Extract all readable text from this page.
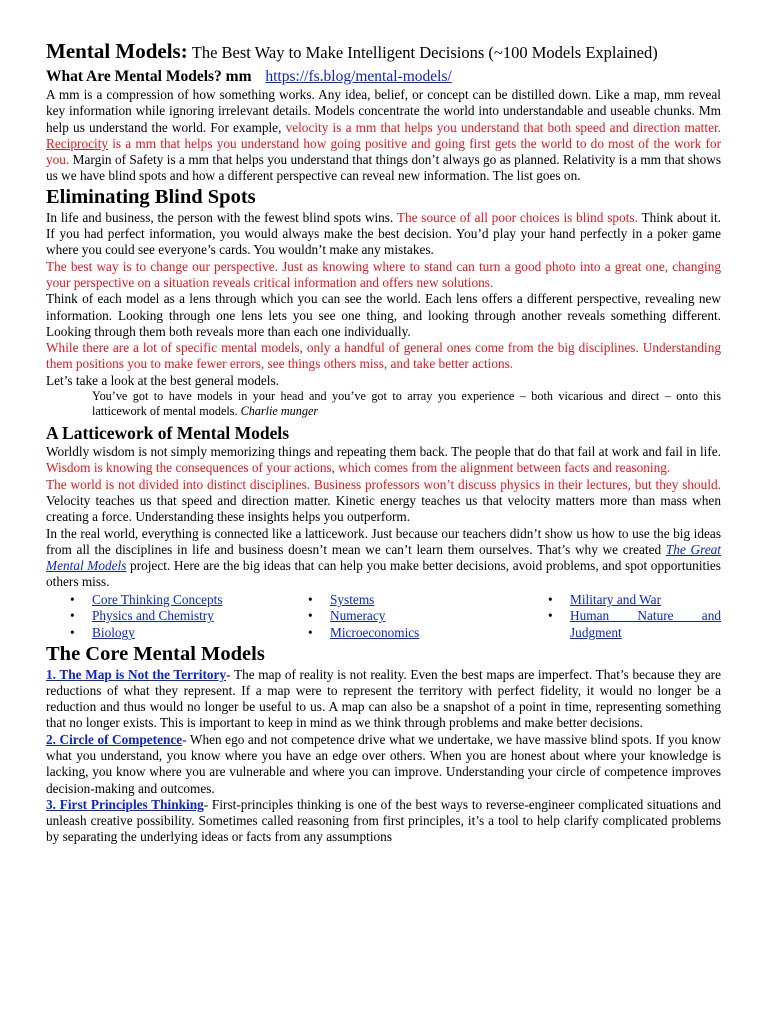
Mental Models: The Best Way to Make Intelligent Decisions (~100 Models Explained)
What Are Mental Models? mm https://fs.blog/mental-models/

A mm is a compression of how something works. Any idea, belief, or concept can be distilled down. Like a map, mm reveal key information while ignoring irrelevant details. Models concentrate the world into understandable and useable chunks. Mm help us understand the world. For example, velocity is a mm that helps you understand that both speed and direction matter. Reciprocity is a mm that helps you understand how going positive and going first gets the world to do most of the work for you. Margin of Safety is a mm that helps you understand that things don’t always go as planned. Relativity is a mm that shows us we have blind spots and how a different perspective can reveal new information. The list goes on.

Eliminating Blind Spots

In life and business, the person with the fewest blind spots wins. The source of all poor choices is blind spots. Think about it. If you had perfect information, you would always make the best decision. You’d play your hand perfectly in a poker game where you could see everyone’s cards. You wouldn’t make any mistakes.

The best way is to change our perspective. Just as knowing where to stand can turn a good photo into a great one, changing your perspective on a situation reveals critical information and offers new solutions.

Think of each model as a lens through which you can see the world. Each lens offers a different perspective, revealing new information. Looking through one lens lets you see one thing, and looking through another reveals something different. Looking through them both reveals more than each one individually.

While there are a lot of specific mental models, only a handful of general ones come from the big disciplines. Understanding them positions you to make fewer errors, see things others miss, and take better actions.

Let’s take a look at the best general models.

You’ve got to have models in your head and you’ve got to array you experience – both vicarious and direct – onto this latticework of mental models. Charlie munger

A Latticework of Mental Models

Worldly wisdom is not simply memorizing things and repeating them back. The people that do that fail at work and fail in life. Wisdom is knowing the consequences of your actions, which comes from the alignment between facts and reasoning.

The world is not divided into distinct disciplines. Business professors won’t discuss physics in their lectures, but they should. Velocity teaches us that speed and direction matter. Kinetic energy teaches us that velocity matters more than mass when creating a force. Understanding these insights helps you outperform.

In the real world, everything is connected like a latticework. Just because our teachers didn’t show us how to use the big ideas from all the disciplines in life and business doesn’t mean we can’t learn them ourselves. That’s why we created The Great Mental Models project. Here are the big ideas that can help you make better decisions, avoid problems, and spot opportunities others miss.

• Core Thinking Concepts
• Physics and Chemistry
• Biology
• Systems
• Numeracy
• Microeconomics
• Military and War
• Human Nature and Judgment
The Core Mental Models

1. The Map is Not the Territory- The map of reality is not reality. Even the best maps are imperfect. That’s because they are reductions of what they represent. If a map were to represent the territory with perfect fidelity, it would no longer be a reduction and thus would no longer be useful to us. A map can also be a snapshot of a point in time, representing something that no longer exists. This is important to keep in mind as we think through problems and make better decisions.

2. Circle of Competence- When ego and not competence drive what we undertake, we have massive blind spots. If you know what you understand, you know where you have an edge over others. When you are honest about where your knowledge is lacking, you know where you are vulnerable and where you can improve. Understanding your circle of competence improves decision-making and outcomes.

3. First Principles Thinking- First-principles thinking is one of the best ways to reverse-engineer complicated situations and unleash creative possibility. Sometimes called reasoning from first principles, it’s a tool to help clarify complicated problems by separating the underlying ideas or facts from any assumptions
